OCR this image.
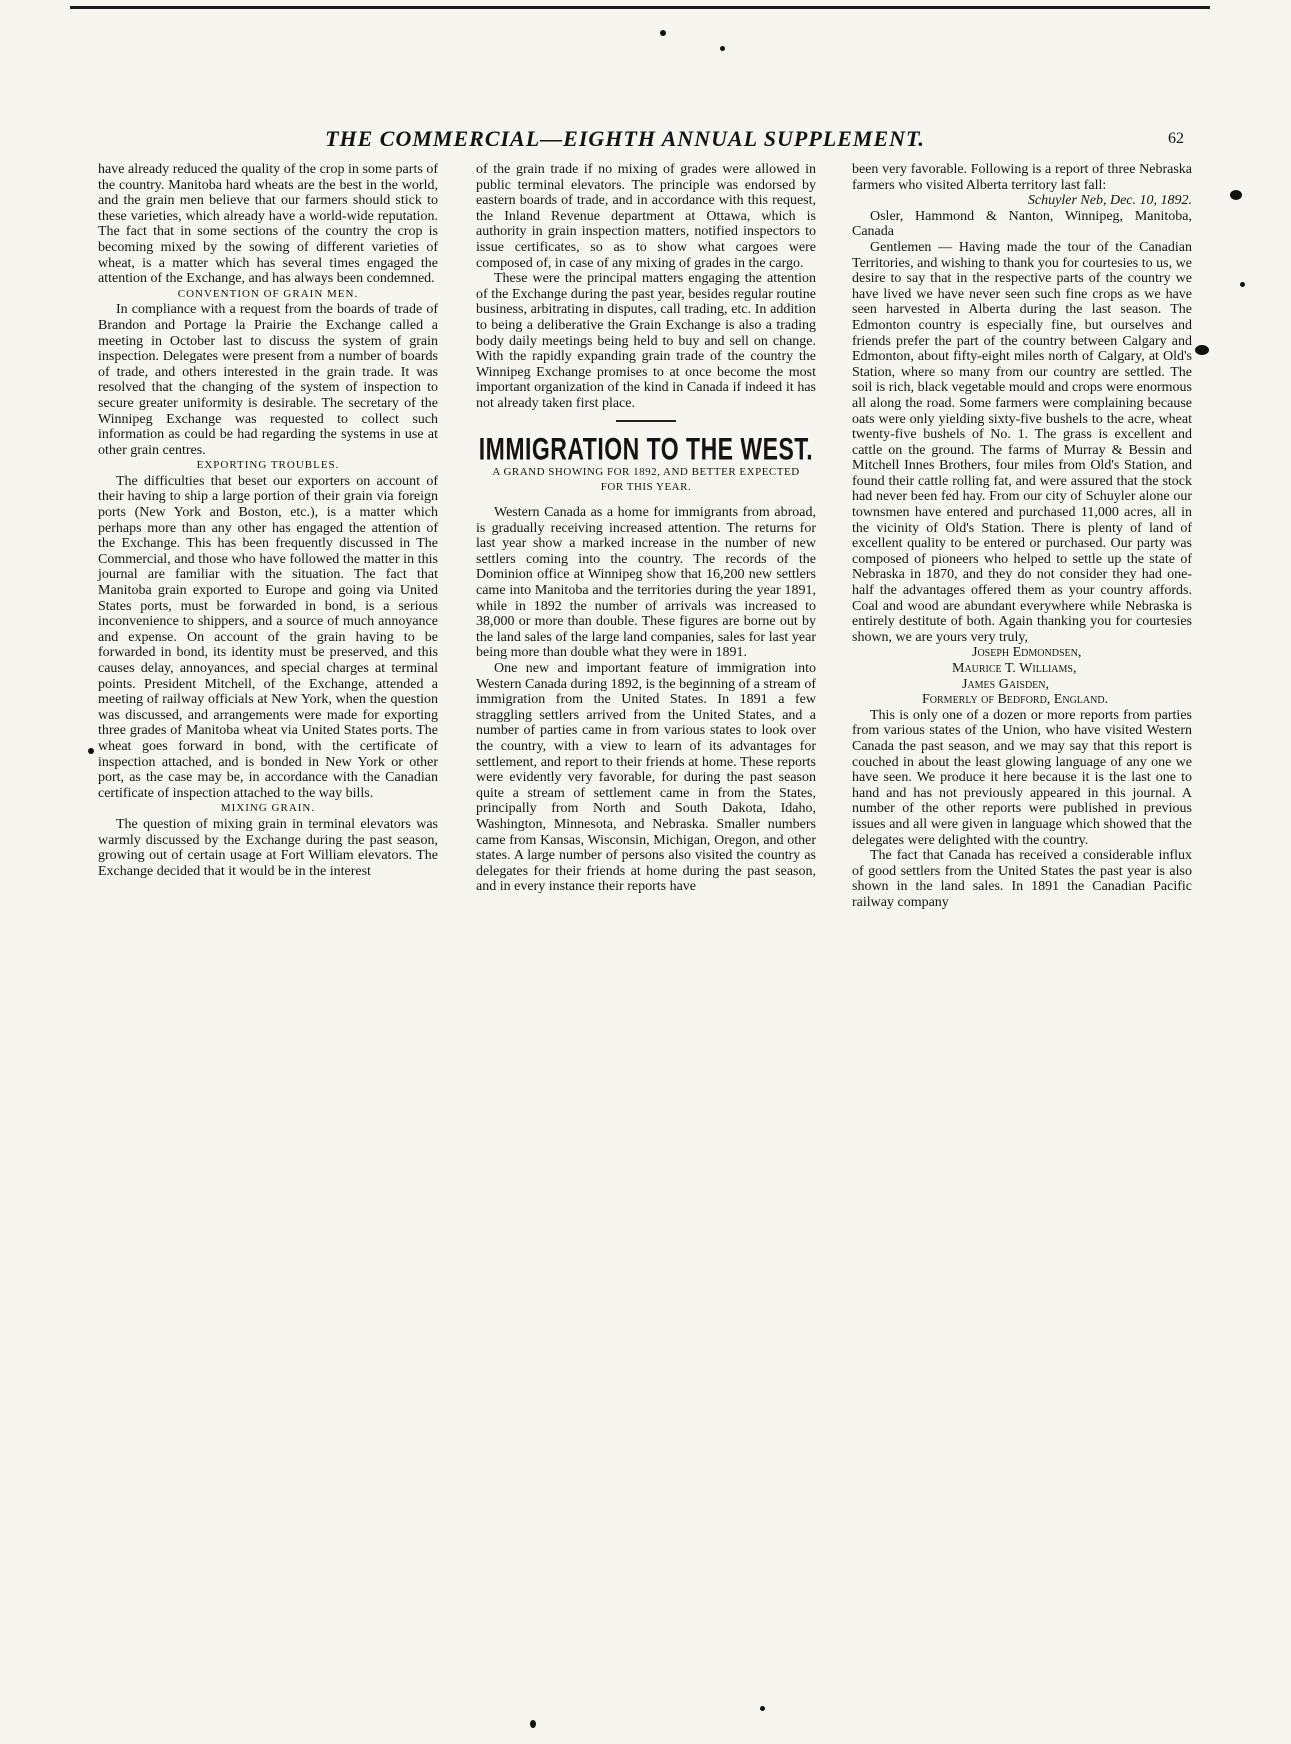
THE COMMERCIAL—EIGHTH ANNUAL SUPPLEMENT.	62

have already reduced the quality of the crop in some parts of the country. Manitoba hard wheats are the best in the world, and the grain men believe that our farmers should stick to these varieties, which already have a world-wide reputation. The fact that in some sections of the country the crop is becoming mixed by the sowing of different varieties of wheat, is a matter which has several times engaged the attention of the Exchange, and has always been condemned.

CONVENTION OF GRAIN MEN.

In compliance with a request from the boards of trade of Brandon and Portage la Prairie the Exchange called a meeting in October last to discuss the system of grain inspection. Delegates were present from a number of boards of trade, and others interested in the grain trade. It was resolved that the changing of the system of inspection to secure greater uniformity is desirable. The secretary of the Winnipeg Exchange was requested to collect such information as could be had regarding the systems in use at other grain centres.

EXPORTING TROUBLES.

The difficulties that beset our exporters on account of their having to ship a large portion of their grain via foreign ports (New York and Boston, etc.), is a matter which perhaps more than any other has engaged the attention of the Exchange. This has been frequently discussed in The Commercial, and those who have followed the matter in this journal are familiar with the situation. The fact that Manitoba grain exported to Europe and going via United States ports, must be forwarded in bond, is a serious inconvenience to shippers, and a source of much annoyance and expense. On account of the grain having to be forwarded in bond, its identity must be preserved, and this causes delay, annoyances, and special charges at terminal points. President Mitchell, of the Exchange, attended a meeting of railway officials at New York, when the question was discussed, and arrangements were made for exporting three grades of Manitoba wheat via United States ports. The wheat goes forward in bond, with the certificate of inspection attached, and is bonded in New York or other port, as the case may be, in accordance with the Canadian certificate of inspection attached to the way bills.

MIXING GRAIN.

The question of mixing grain in terminal elevators was warmly discussed by the Exchange during the past season, growing out of certain usage at Fort William elevators. The Exchange decided that it would be in the interest

of the grain trade if no mixing of grades were allowed in public terminal elevators. The principle was endorsed by eastern boards of trade, and in accordance with this request, the Inland Revenue department at Ottawa, which is authority in grain inspection matters, notified inspectors to issue certificates, so as to show what cargoes were composed of, in case of any mixing of grades in the cargo.

These were the principal matters engaging the attention of the Exchange during the past year, besides regular routine business, arbitrating in disputes, call trading, etc. In addition to being a deliberative the Grain Exchange is also a trading body daily meetings being held to buy and sell on change. With the rapidly expanding grain trade of the country the Winnipeg Exchange promises to at once become the most important organization of the kind in Canada if indeed it has not already taken first place.

IMMIGRATION TO THE WEST.
A GRAND SHOWING FOR 1892, AND BETTER EXPECTED FOR THIS YEAR.

Western Canada as a home for immigrants from abroad, is gradually receiving increased attention. The returns for last year show a marked increase in the number of new settlers coming into the country. The records of the Dominion office at Winnipeg show that 16,200 new settlers came into Manitoba and the territories during the year 1891, while in 1892 the number of arrivals was increased to 38,000 or more than double. These figures are borne out by the land sales of the large land companies, sales for last year being more than double what they were in 1891.

One new and important feature of immigration into Western Canada during 1892, is the beginning of a stream of immigration from the United States. In 1891 a few straggling settlers arrived from the United States, and a number of parties came in from various states to look over the country, with a view to learn of its advantages for settlement, and report to their friends at home. These reports were evidently very favorable, for during the past season quite a stream of settlement came in from the States, principally from North and South Dakota, Idaho, Washington, Minnesota, and Nebraska. Smaller numbers came from Kansas, Wisconsin, Michigan, Oregon, and other states. A large number of persons also visited the country as delegates for their friends at home during the past season, and in every instance their reports have

been very favorable. Following is a report of three Nebraska farmers who visited Alberta territory last fall:

Schuyler Neb, Dec. 10, 1892.

Osler, Hammond & Nanton, Winnipeg, Manitoba, Canada

Gentlemen — Having made the tour of the Canadian Territories, and wishing to thank you for courtesies to us, we desire to say that in the respective parts of the country we have lived we have never seen such fine crops as we have seen harvested in Alberta during the last season. The Edmonton country is especially fine, but ourselves and friends prefer the part of the country between Calgary and Edmonton, about fifty-eight miles north of Calgary, at Old's Station, where so many from our country are settled. The soil is rich, black vegetable mould and crops were enormous all along the road. Some farmers were complaining because oats were only yielding sixty-five bushels to the acre, wheat twenty-five bushels of No. 1. The grass is excellent and cattle on the ground. The farms of Murray & Bessin and Mitchell Innes Brothers, four miles from Old's Station, and found their cattle rolling fat, and were assured that the stock had never been fed hay. From our city of Schuyler alone our townsmen have entered and purchased 11,000 acres, all in the vicinity of Old's Station. There is plenty of land of excellent quality to be entered or purchased. Our party was composed of pioneers who helped to settle up the state of Nebraska in 1870, and they do not consider they had one-half the advantages offered them as your country affords. Coal and wood are abundant everywhere while Nebraska is entirely destitute of both. Again thanking you for courtesies shown, we are yours very truly,

Joseph Edmondsen,

Maurice T. Williams,

James Gaisden,

Formerly of Bedford, England.

This is only one of a dozen or more reports from parties from various states of the Union, who have visited Western Canada the past season, and we may say that this report is couched in about the least glowing language of any one we have seen. We produce it here because it is the last one to hand and has not previously appeared in this journal. A number of the other reports were published in previous issues and all were given in language which showed that the delegates were delighted with the country.

The fact that Canada has received a considerable influx of good settlers from the United States the past year is also shown in the land sales. In 1891 the Canadian Pacific railway company
